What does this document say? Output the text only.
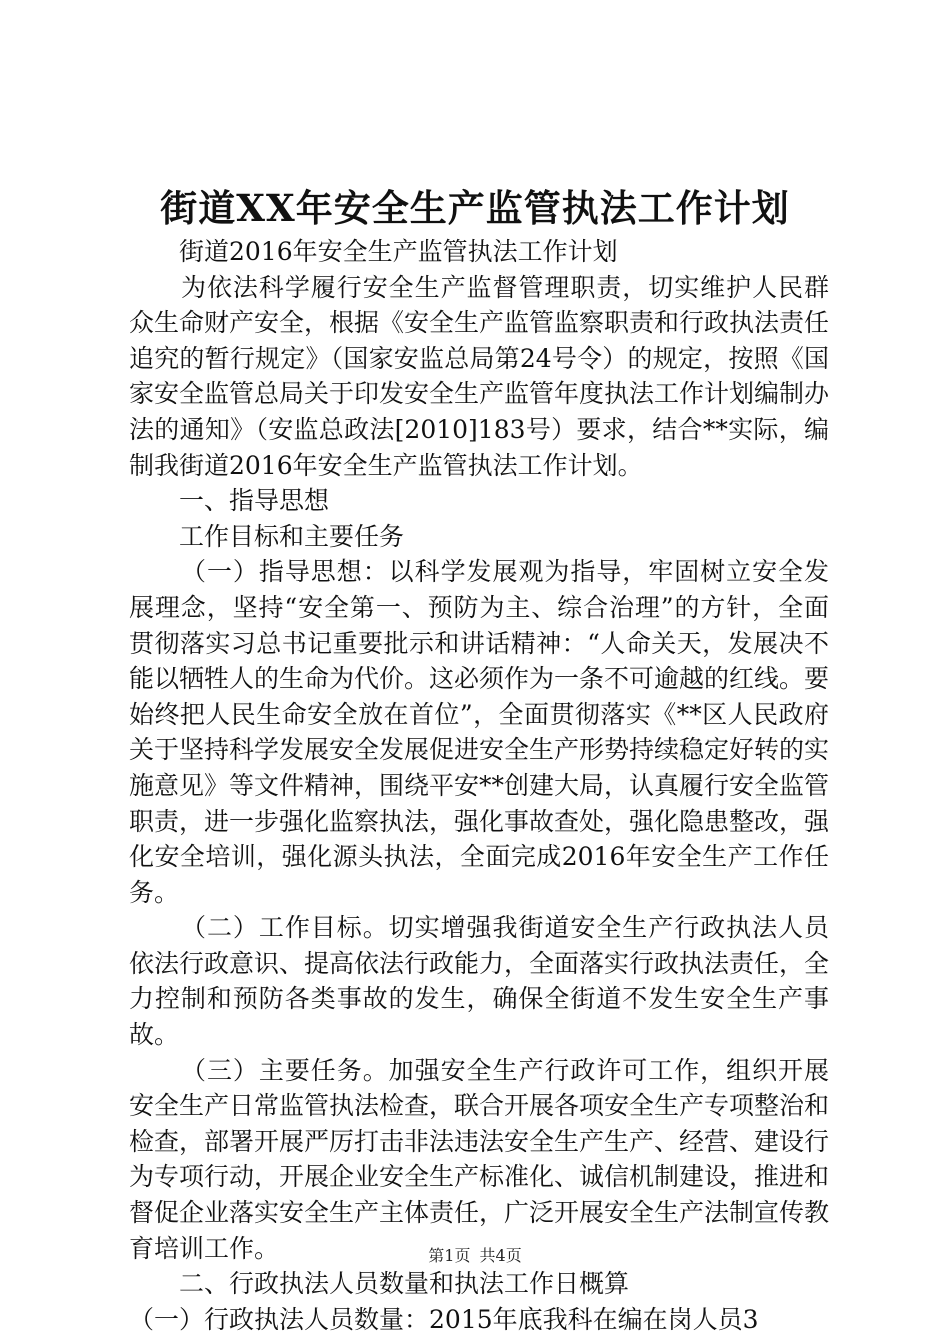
街道XX年安全生产监管执法工作计划

街道2016年安全生产监管执法工作计划

为依法科学履行安全生产监督管理职责，切实维护人民群众生命财产安全，根据《安全生产监管监察职责和行政执法责任追究的暂行规定》（国家安监总局第24号令）的规定，按照《国家安全监管总局关于印发安全生产监管年度执法工作计划编制办法的通知》（安监总政法[2010]183号）要求，结合**实际，编制我街道2016年安全生产监管执法工作计划。

一、指导思想

工作目标和主要任务

（一）指导思想：以科学发展观为指导，牢固树立安全发展理念，坚持“安全第一、预防为主、综合治理”的方针，全面贯彻落实习总书记重要批示和讲话精神：“人命关天，发展决不能以牺牲人的生命为代价。这必须作为一条不可逾越的红线。要始终把人民生命安全放在首位”，全面贯彻落实《**区人民政府关于坚持科学发展安全发展促进安全生产形势持续稳定好转的实施意见》等文件精神，围绕平安**创建大局，认真履行安全监管职责，进一步强化监察执法，强化事故查处，强化隐患整改，强化安全培训，强化源头执法，全面完成2016年安全生产工作任务。

（二）工作目标。切实增强我街道安全生产行政执法人员依法行政意识、提高依法行政能力，全面落实行政执法责任，全力控制和预防各类事故的发生，确保全街道不发生安全生产事故。

（三）主要任务。加强安全生产行政许可工作，组织开展安全生产日常监管执法检查，联合开展各项安全生产专项整治和检查，部署开展严厉打击非法违法安全生产生产、经营、建设行为专项行动，开展企业安全生产标准化、诚信机制建设，推进和督促企业落实安全生产主体责任，广泛开展安全生产法制宣传教育培训工作。

二、行政执法人员数量和执法工作日概算

（一）行政执法人员数量：2015年底我科在编在岗人员3

第1页 共4页
